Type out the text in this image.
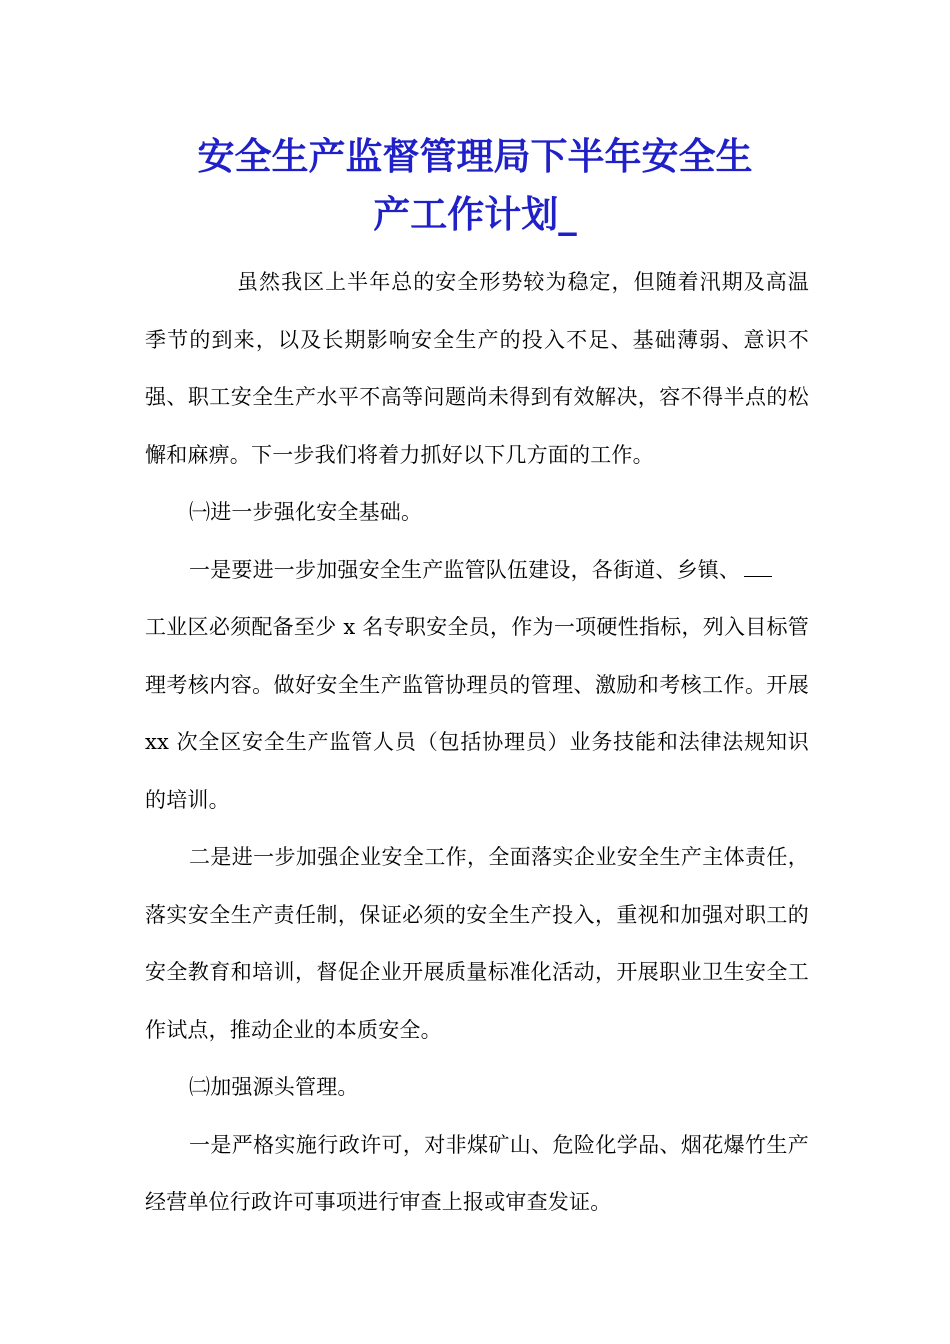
安全生产监督管理局下半年安全生
产工作计划_

虽然我区上半年总的安全形势较为稳定，但随着汛期及高温季节的到来，以及长期影响安全生产的投入不足、基础薄弱、意识不强、职工安全生产水平不高等问题尚未得到有效解决，容不得半点的松懈和麻痹。下一步我们将着力抓好以下几方面的工作。

㈠进一步强化安全基础。

一是要进一步加强安全生产监管队伍建设，各街道、乡镇、

工业区必须配备至少 x 名专职安全员，作为一项硬性指标，列入目标管理考核内容。做好安全生产监管协理员的管理、激励和考核工作。开展 xx 次全区安全生产监管人员（包括协理员）业务技能和法律法规知识的培训。

二是进一步加强企业安全工作，全面落实企业安全生产主体责任，落实安全生产责任制，保证必须的安全生产投入，重视和加强对职工的安全教育和培训，督促企业开展质量标准化活动，开展职业卫生安全工作试点，推动企业的本质安全。

㈡加强源头管理。

一是严格实施行政许可，对非煤矿山、危险化学品、烟花爆竹生产经营单位行政许可事项进行审查上报或审查发证。
